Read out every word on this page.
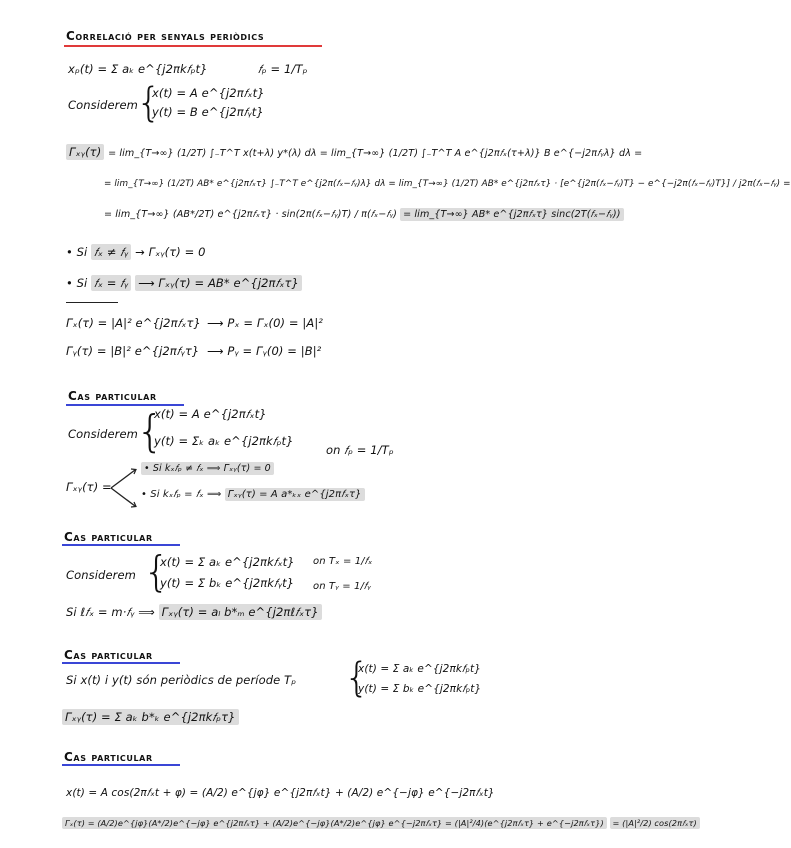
Correlació per senyals periòdics
xₚ(t) = Σ aₖ e^{j2πk𝑓ₚt}	𝑓ₚ = 1/Tₚ
Considerem
{
x(t) = A e^{j2π𝑓ₓt}
y(t) = B e^{j2π𝑓ᵧt}
Γₓᵧ(τ) = lim_{T→∞} (1/2T) ∫₋T^T x(t+λ) y*(λ) dλ = lim_{T→∞} (1/2T) ∫₋T^T A e^{j2π𝑓ₓ(τ+λ)} B e^{−j2π𝑓ᵧλ} dλ =
= lim_{T→∞} (1/2T) AB* e^{j2π𝑓ₓτ} ∫₋T^T e^{j2π(𝑓ₓ−𝑓ᵧ)λ} dλ = lim_{T→∞} (1/2T) AB* e^{j2π𝑓ₓτ} · [e^{j2π(𝑓ₓ−𝑓ᵧ)T} − e^{−j2π(𝑓ₓ−𝑓ᵧ)T}] / j2π(𝑓ₓ−𝑓ᵧ) =
= lim_{T→∞} (AB*/2T) e^{j2π𝑓ₓτ} · sin(2π(𝑓ₓ−𝑓ᵧ)T) / π(𝑓ₓ−𝑓ᵧ) = lim_{T→∞} AB* e^{j2π𝑓ₓτ} sinc(2T(𝑓ₓ−𝑓ᵧ))
• Si 𝑓ₓ ≠ 𝑓ᵧ → Γₓᵧ(τ) = 0
• Si 𝑓ₓ = 𝑓ᵧ ⟶ Γₓᵧ(τ) = AB* e^{j2π𝑓ₓτ}
Γₓ(τ) = |A|² e^{j2π𝑓ₓτ} ⟶ Pₓ = Γₓ(0) = |A|²
Γᵧ(τ) = |B|² e^{j2π𝑓ᵧτ} ⟶ Pᵧ = Γᵧ(0) = |B|²
Cas particular
Considerem
{
x(t) = A e^{j2π𝑓ₓt}
y(t) = Σₖ aₖ e^{j2πk𝑓ₚt}
on 𝑓ₚ = 1/Tₚ
Γₓᵧ(τ) =
• Si kₓ𝑓ₚ ≠ 𝑓ₓ ⟹ Γₓᵧ(τ) = 0
• Si kₓ𝑓ₚ = 𝑓ₓ ⟹ Γₓᵧ(τ) = A a*ₖₓ e^{j2π𝑓ₓτ}
Cas particular
Considerem {
x(t) = Σ aₖ e^{j2πk𝑓ₓt}
y(t) = Σ bₖ e^{j2πk𝑓ᵧt}
on Tₓ = 1/𝑓ₓ
on Tᵧ = 1/𝑓ᵧ
Si ℓ𝑓ₓ = m·𝑓ᵧ ⟹ Γₓᵧ(τ) = aₗ b*ₘ e^{j2πℓ𝑓ₓτ}
Cas particular
Si x(t) i y(t) són periòdics de període Tₚ {
x(t) = Σ aₖ e^{j2πk𝑓ₚt}
y(t) = Σ bₖ e^{j2πk𝑓ₚt}
Γₓᵧ(τ) = Σ aₖ b*ₖ e^{j2πk𝑓ₚτ}
Cas particular
x(t) = A cos(2π𝑓ₓt + φ) = (A/2) e^{jφ} e^{j2π𝑓ₓt} + (A/2) e^{−jφ} e^{−j2π𝑓ₓt}
Γₓ(τ) = (A/2)e^{jφ}(A*/2)e^{−jφ} e^{j2π𝑓ₓτ} + (A/2)e^{−jφ}(A*/2)e^{jφ} e^{−j2π𝑓ₓτ} = (|A|²/4)(e^{j2π𝑓ₓτ} + e^{−j2π𝑓ₓτ}) = (|A|²/2) cos(2π𝑓ₓτ)
